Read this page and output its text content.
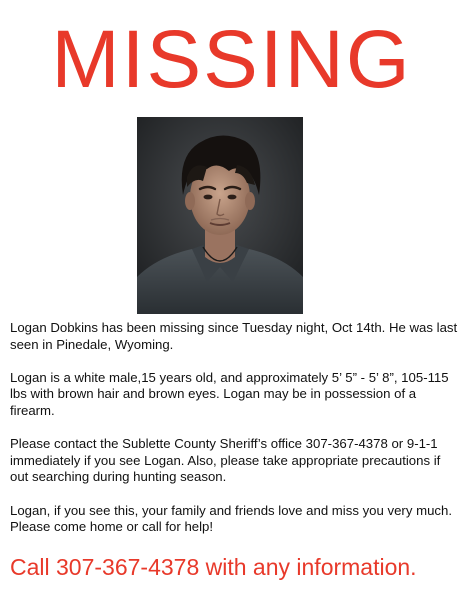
MISSING

Logan Dobkins has been missing since Tuesday night, Oct 14th. He was last seen in Pinedale, Wyoming.

Logan is a white male,15 years old, and approximately 5’ 5” - 5’ 8”, 105-115 lbs with brown hair and brown eyes. Logan may be in possession of a firearm.

Please contact the Sublette County Sheriff’s office 307-367-4378 or 9-1-1 immediately if you see Logan. Also, please take appropriate precautions if out searching during hunting season.

Logan, if you see this, your family and friends love and miss you very much. Please come home or call for help!

Call 307-367-4378 with any information.
